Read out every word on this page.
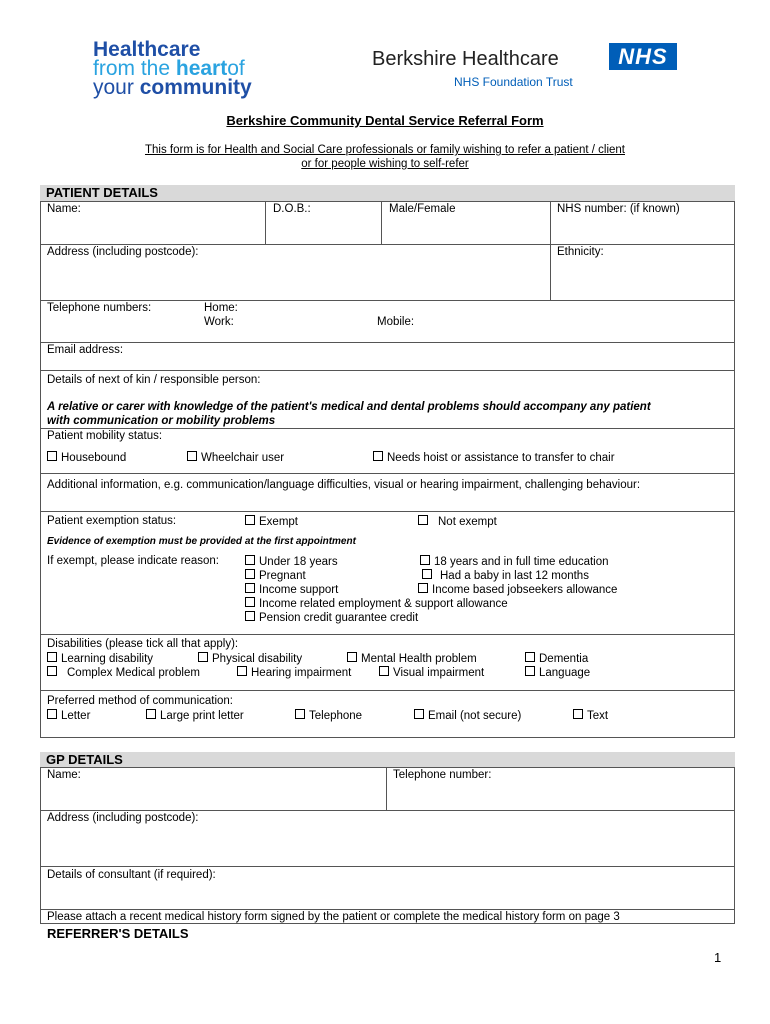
Healthcare
from the heartof
your community
Berkshire Healthcare	NHS
NHS Foundation Trust
Berkshire Community Dental Service Referral Form
This form is for Health and Social Care professionals or family wishing to refer a patient / client
or for people wishing to self-refer
PATIENT DETAILS
Name:	D.O.B.:	Male/Female	NHS number: (if known)
Address (including postcode):	Ethnicity:
Telephone numbers:	Home:
Work:	Mobile:
Email address:
Details of next of kin / responsible person:
A relative or carer with knowledge of the patient's medical and dental problems should accompany any patient
with communication or mobility problems
Patient mobility status:
Housebound	Wheelchair user	Needs hoist or assistance to transfer to chair
Additional information, e.g. communication/language difficulties, visual or hearing impairment, challenging behaviour:
Patient exemption status:	Exempt	Not exempt
Evidence of exemption must be provided at the first appointment
If exempt, please indicate reason:	Under 18 years	18 years and in full time education
Pregnant	Had a baby in last 12 months
Income support	Income based jobseekers allowance
Income related employment & support allowance
Pension credit guarantee credit
Disabilities (please tick all that apply):
Learning disability	Physical disability	Mental Health problem	Dementia
Complex Medical problem	Hearing impairment	Visual impairment	Language
Preferred method of communication:
Letter	Large print letter	Telephone	Email (not secure)	Text
GP DETAILS
Name:	Telephone number:
Address (including postcode):
Details of consultant (if required):
Please attach a recent medical history form signed by the patient or complete the medical history form on page 3
REFERRER'S DETAILS
1
